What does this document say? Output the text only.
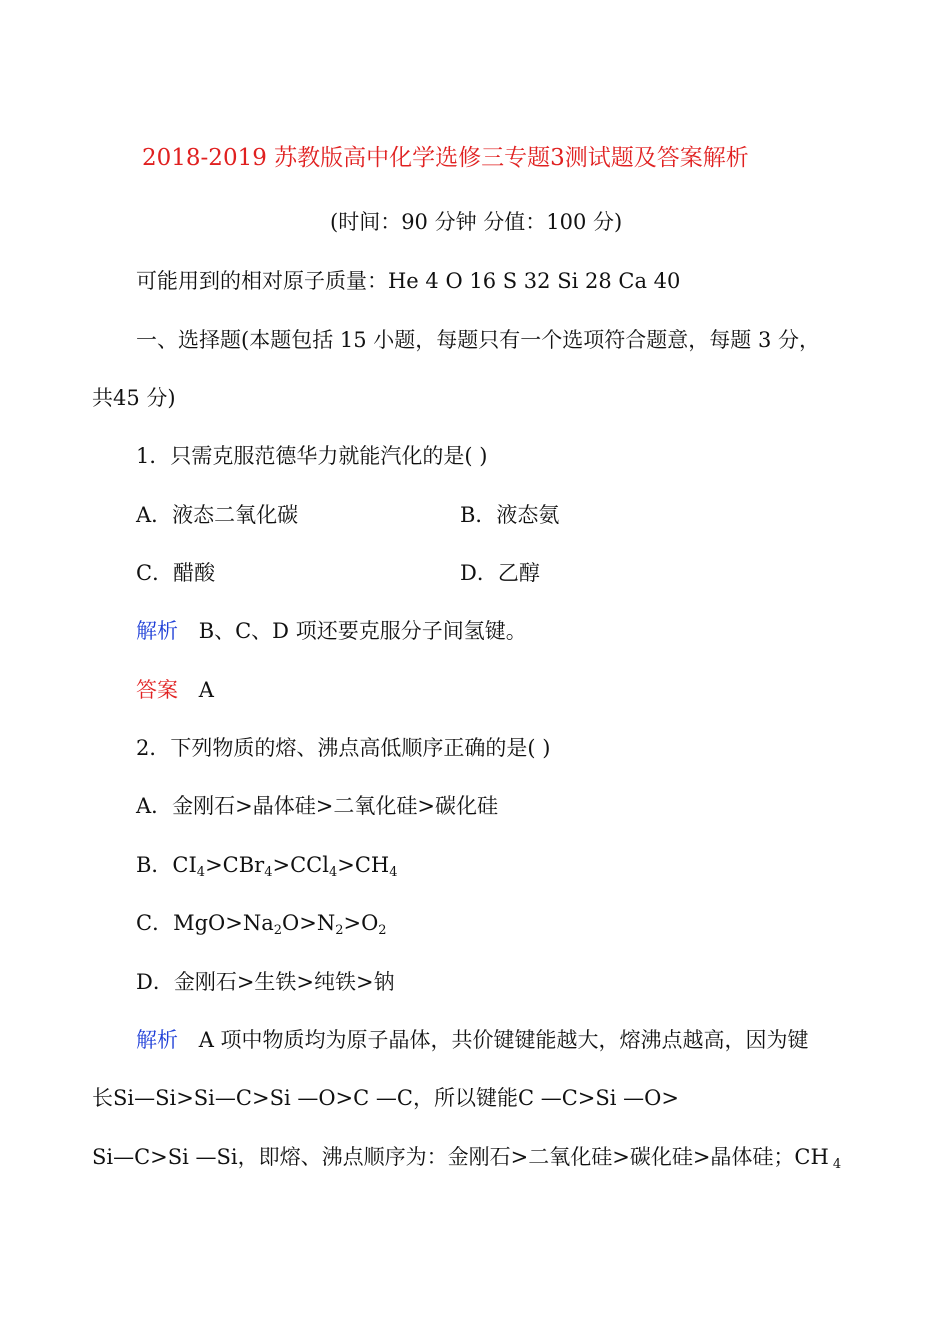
2018-2019 苏教版高中化学选修三专题3测试题及答案解析
(时间：90 分钟 分值：100 分)
可能用到的相对原子质量：He 4 O 16 S 32 Si 28 Ca 40
一、选择题(本题包括 15 小题，每题只有一个选项符合题意，每题 3 分，
共45 分)
1．只需克服范德华力就能汽化的是( )
A．液态二氧化碳	B．液态氨
C．醋酸	D．乙醇
解析 B、C、D 项还要克服分子间氢键。
答案 A
2．下列物质的熔、沸点高低顺序正确的是( )
A．金刚石>晶体硅>二氧化硅>碳化硅
B．$CI_4>CBr_4>CCl_4>CH_4$
C．$MgO>Na_2O>N_2>O_2$
D．金刚石>生铁>纯铁>钠
解析 A 项中物质均为原子晶体，共价键键能越大，熔沸点越高，因为键
长Si—Si>Si—C>Si —O>C —C，所以键能C —C>Si —O>
Si—C>Si —Si，即熔、沸点顺序为：金刚石>二氧化硅>碳化硅>晶体硅；CH $_4$
